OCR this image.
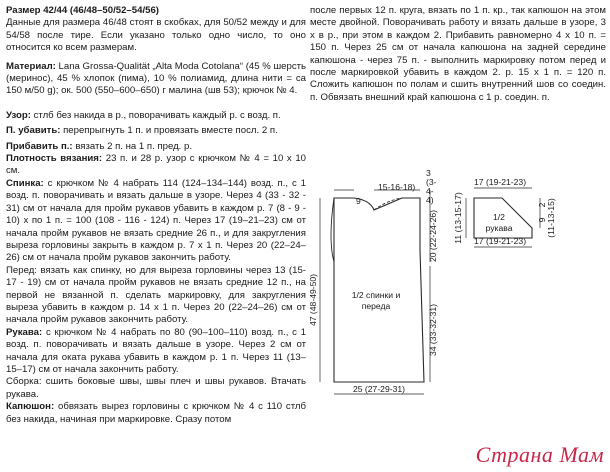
Размер 42/44 (46/48–50/52–54/56)
Данные для размера 46/48 стоят в скобках, для 50/52 между и для 54/58 после тире. Если указано только одно число, то оно относится ко всем размерам.
Материал: Lana Grossa-Qualität „Alta Moda Cotolana“ (45 % шерсть (меринос), 45 % хлопок (пима), 10 % полиамид, длина нити = ca 150 м/50 g); ок. 500 (550–600–650) г малина (шв 53); крючок № 4.
Узор: стлб без накида в р., поворачивать каждый р. с возд. п.
П. убавить: перепрыгнуть 1 п. и провязать вместе посл. 2 п.
Прибавить п.: вязать 2 п. на 1 п. пред. р.
Плотность вязания: 23 п. и 28 р. узор с крючком № 4 = 10 х 10 см.
Спинка: с крючком № 4 набрать 114 (124–134–144) возд. п., с 1 возд. п. поворачивать и вязать дальше в узоре. Через 4 (33 - 32 - 31) см от начала для пройм рукавов убавить в каждом р. 7 (8 - 9 - 10) х по 1 п. = 100 (108 - 116 - 124) п. Через 17 (19–21–23) см от начала пройм рукавов не вязать средние 26 п., и для закругления выреза горловины закрыть в каждом р. 7 х 1 п. Через 20 (22–24–26) см от начала пройм рукавов закончить работу.
Перед: вязать как спинку, но для выреза горловины через 13 (15-17 - 19) см от начала пройм рукавов не вязать средние 12 п., на первой не вязанной п. сделать маркировку, для закругления выреза убавить в каждом р. 14 х 1 п. Через 20 (22–24–26) см от начала пройм рукавов закончить работу.
Рукава: с крючком № 4 набрать по 80 (90–100–110) возд. п., с 1 возд. п. поворачивать и вязать дальше в узоре. Через 2 см от начала для окатa рукава убавить в каждом р. 1 п. Через 11 (13–15–17) см от начала закончить работу.
Сборка: сшить боковые швы, швы плеч и швы рукавов. Втачать рукава.
Капюшон: обвязать вырез горловины с крючком № 4 с 110 стлб без накида, начиная при маркировке. Сразу потом
после первых 12 п. круга, вязать по 1 п. кр., так капюшон на этом месте двойной. Поворачивать работу и вязать дальше в узоре, 3 х в р., при этом в каждом 2. Прибавить равномерно 4 х 10 п. = 150 п. Через 25 см от начала капюшона на задней середине капюшона - через 75 п. - выполнить маркировку потом перед и после маркировкой убавить в каждом 2. р. 15 х 1 п. = 120 п. Сложить капюшон по полам и сшить внутренний шов со соедин. п. Обвязать внешний край капюшона с 1 р. соедин. п.
9
15-16-18)
3
(3-
4-
4)
47 (48-49-50)
20 (22-24-26)
34 (33-32-31)
25 (27-29-31)
1/2 спинки и
переда
17 (19-21-23)
17 (19-21-23)
11 (13-15-17)	2
9 (11-13-15)
1/2
рукава
Страна Мам
